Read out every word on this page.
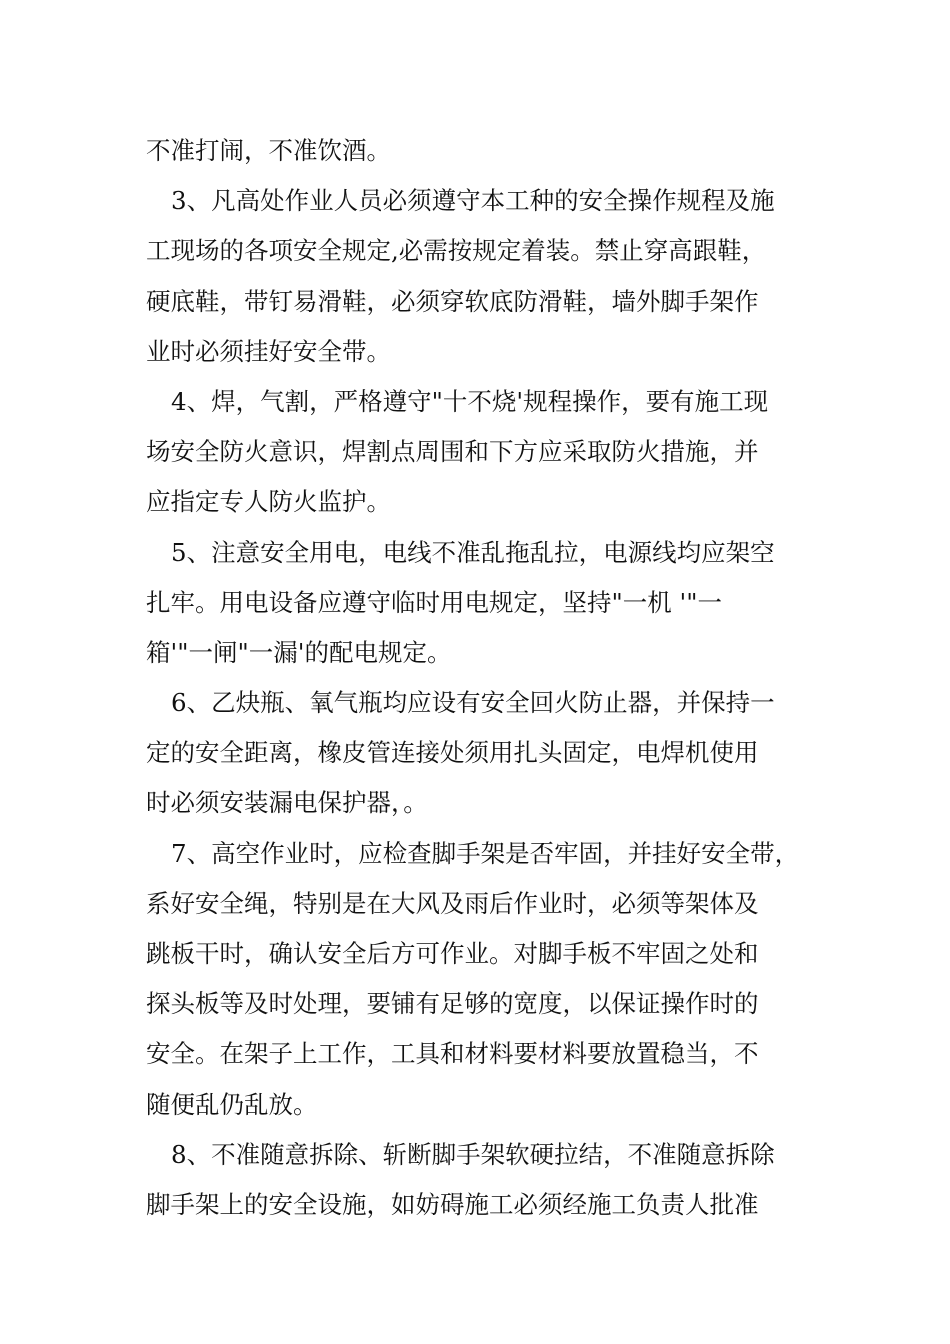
不准打闹，不准饮酒。
3、凡高处作业人员必须遵守本工种的安全操作规程及施
工现场的各项安全规定,必需按规定着装。禁止穿高跟鞋，
硬底鞋，带钉易滑鞋，必须穿软底防滑鞋，墙外脚手架作
业时必须挂好安全带。
4、焊，气割，严格遵守"十不烧'规程操作，要有施工现
场安全防火意识，焊割点周围和下方应采取防火措施，并
应指定专人防火监护。
5、注意安全用电，电线不准乱拖乱拉，电源线均应架空
扎牢。用电设备应遵守临时用电规定，坚持"一机 '"一
箱'"一闸"一漏'的配电规定。
6、乙炔瓶、氧气瓶均应设有安全回火防止器，并保持一
定的安全距离，橡皮管连接处须用扎头固定，电焊机使用
时必须安装漏电保护器，。
7、高空作业时，应检查脚手架是否牢固，并挂好安全带，
系好安全绳，特别是在大风及雨后作业时，必须等架体及
跳板干时，确认安全后方可作业。对脚手板不牢固之处和
探头板等及时处理，要铺有足够的宽度，以保证操作时的
安全。在架子上工作，工具和材料要材料要放置稳当，不
随便乱仍乱放。
8、不准随意拆除、斩断脚手架软硬拉结，不准随意拆除
脚手架上的安全设施，如妨碍施工必须经施工负责人批准
